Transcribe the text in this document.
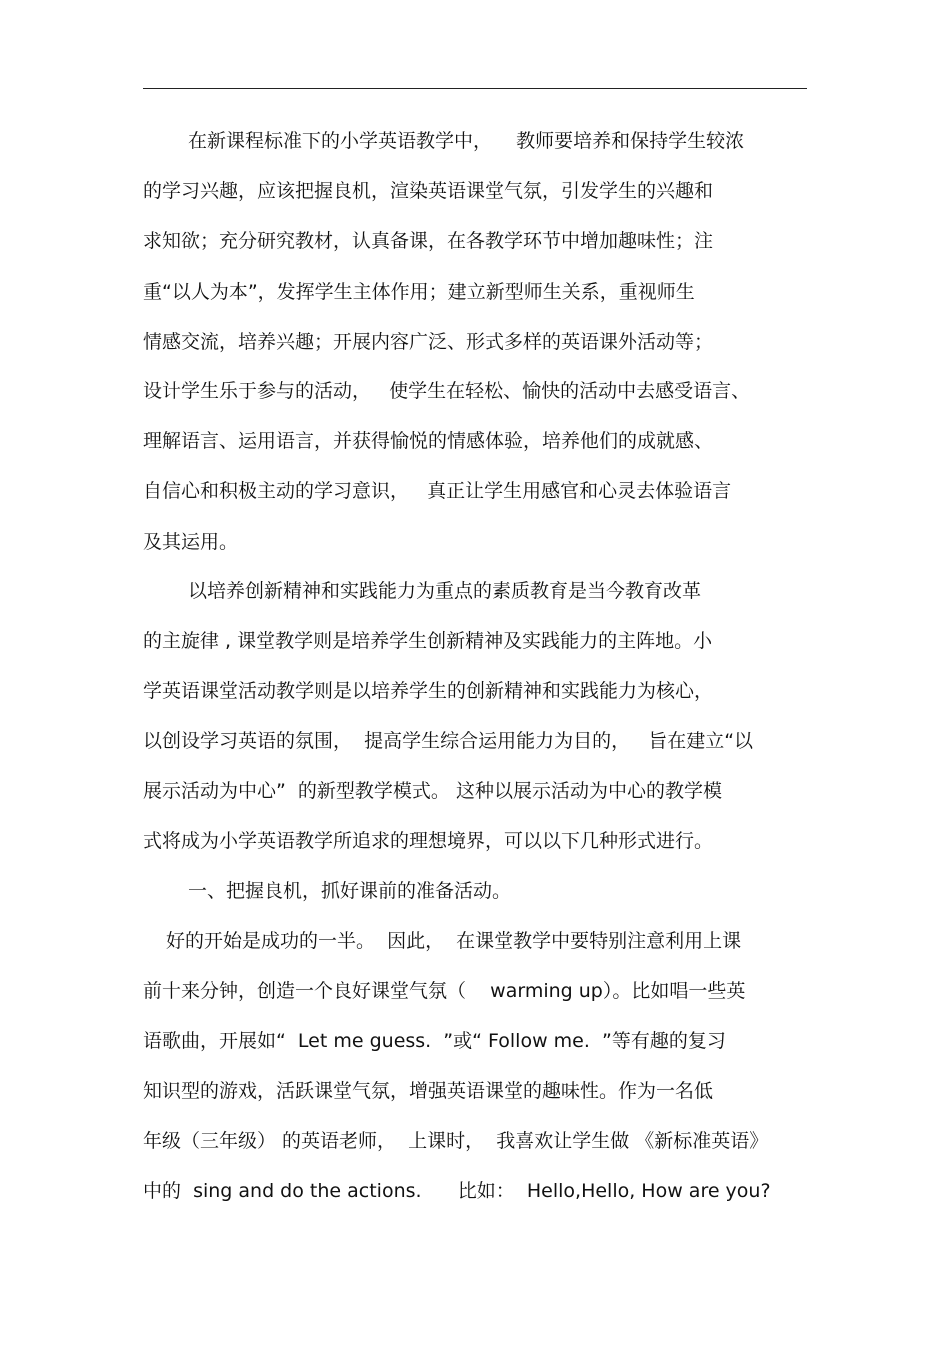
在新课程标准下的小学英语教学中，    教师要培养和保持学生较浓
的学习兴趣，应该把握良机，渲染英语课堂气氛，引发学生的兴趣和
求知欲；充分研究教材，认真备课，在各教学环节中增加趣味性；注
重“以人为本”，发挥学生主体作用；建立新型师生关系，重视师生
情感交流，培养兴趣；开展内容广泛、形式多样的英语课外活动等；
设计学生乐于参与的活动，   使学生在轻松、愉快的活动中去感受语言、
理解语言、运用语言，并获得愉悦的情感体验，培养他们的成就感、
自信心和积极主动的学习意识，   真正让学生用感官和心灵去体验语言
及其运用。
以培养创新精神和实践能力为重点的素质教育是当今教育改革
的主旋律 , 课堂教学则是培养学生创新精神及实践能力的主阵地。小
学英语课堂活动教学则是以培养学生的创新精神和实践能力为核心，
以创设学习英语的氛围，  提高学生综合运用能力为目的，   旨在建立“以
展示活动为中心”  的新型教学模式。 这种以展示活动为中心的教学模
式将成为小学英语教学所追求的理想境界，可以以下几种形式进行。
一、把握良机，抓好课前的准备活动。
好的开始是成功的一半。  因此，  在课堂教学中要特别注意利用上课
前十来分钟，创造一个良好课堂气氛（    warming up）。比如唱一些英
语歌曲，开展如“  Let me guess.  ”或“ Follow me.  ”等有趣的复习
知识型的游戏，活跃课堂气氛，增强英语课堂的趣味性。作为一名低
年级（三年级） 的英语老师，  上课时，  我喜欢让学生做 《新标准英语》
中的  sing and do the actions.      比如：  Hello,Hello, How are you?
